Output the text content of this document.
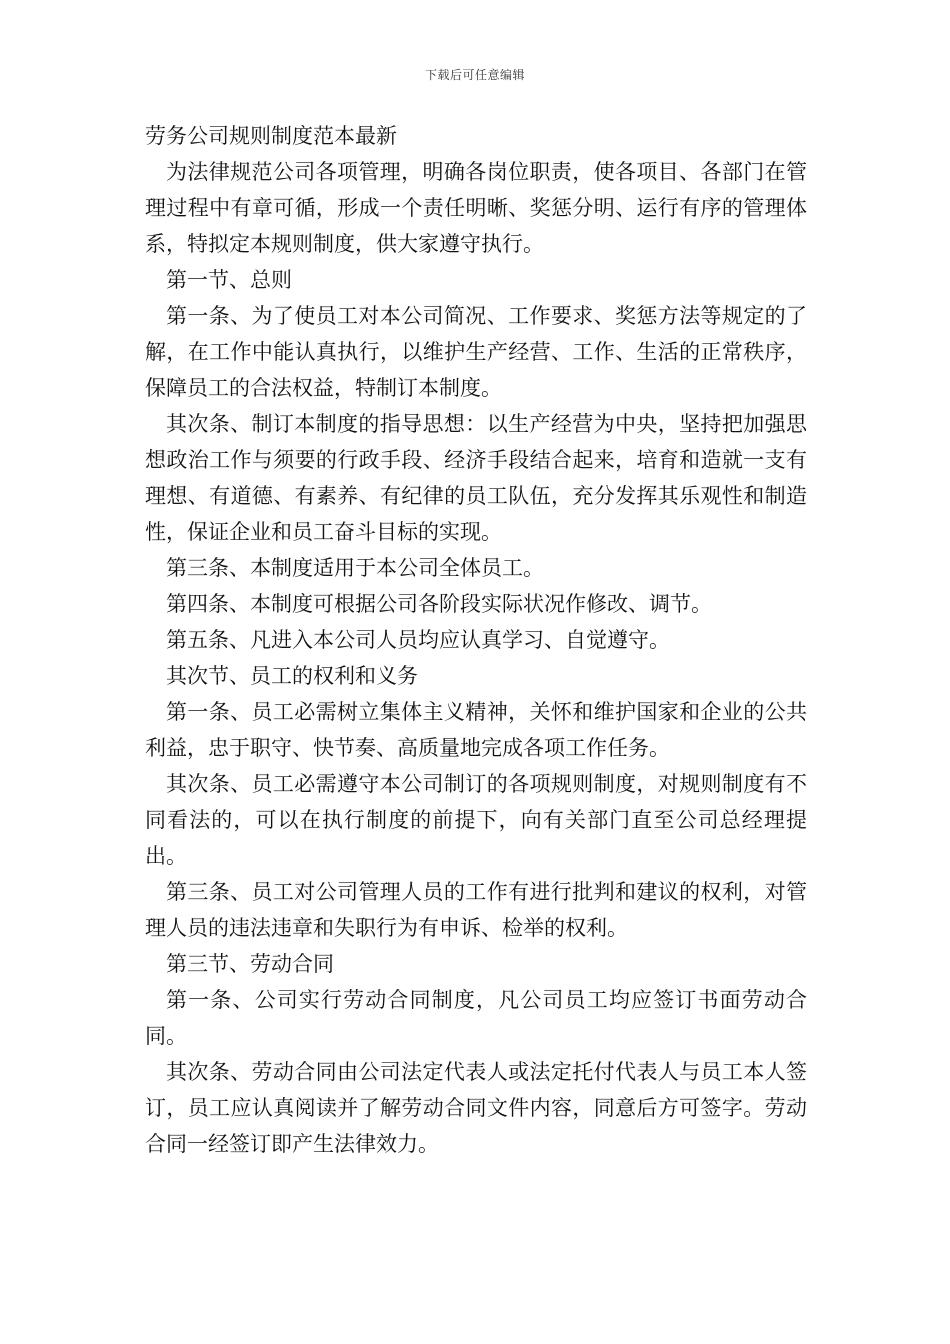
下载后可任意编辑
劳务公司规则制度范本最新

为法律规范公司各项管理，明确各岗位职责，使各项目、各部门在管理过程中有章可循，形成一个责任明晰、奖惩分明、运行有序的管理体系，特拟定本规则制度，供大家遵守执行。

第一节、总则

第一条、为了使员工对本公司简况、工作要求、奖惩方法等规定的了解，在工作中能认真执行，以维护生产经营、工作、生活的正常秩序，保障员工的合法权益，特制订本制度。

其次条、制订本制度的指导思想：以生产经营为中央，坚持把加强思想政治工作与须要的行政手段、经济手段结合起来，培育和造就一支有理想、有道德、有素养、有纪律的员工队伍，充分发挥其乐观性和制造性，保证企业和员工奋斗目标的实现。

第三条、本制度适用于本公司全体员工。

第四条、本制度可根据公司各阶段实际状况作修改、调节。

第五条、凡进入本公司人员均应认真学习、自觉遵守。

其次节、员工的权利和义务

第一条、员工必需树立集体主义精神，关怀和维护国家和企业的公共利益，忠于职守、快节奏、高质量地完成各项工作任务。

其次条、员工必需遵守本公司制订的各项规则制度，对规则制度有不同看法的，可以在执行制度的前提下，向有关部门直至公司总经理提出。

第三条、员工对公司管理人员的工作有进行批判和建议的权利，对管理人员的违法违章和失职行为有申诉、检举的权利。

第三节、劳动合同

第一条、公司实行劳动合同制度，凡公司员工均应签订书面劳动合同。

其次条、劳动合同由公司法定代表人或法定托付代表人与员工本人签订，员工应认真阅读并了解劳动合同文件内容，同意后方可签字。劳动合同一经签订即产生法律效力。
